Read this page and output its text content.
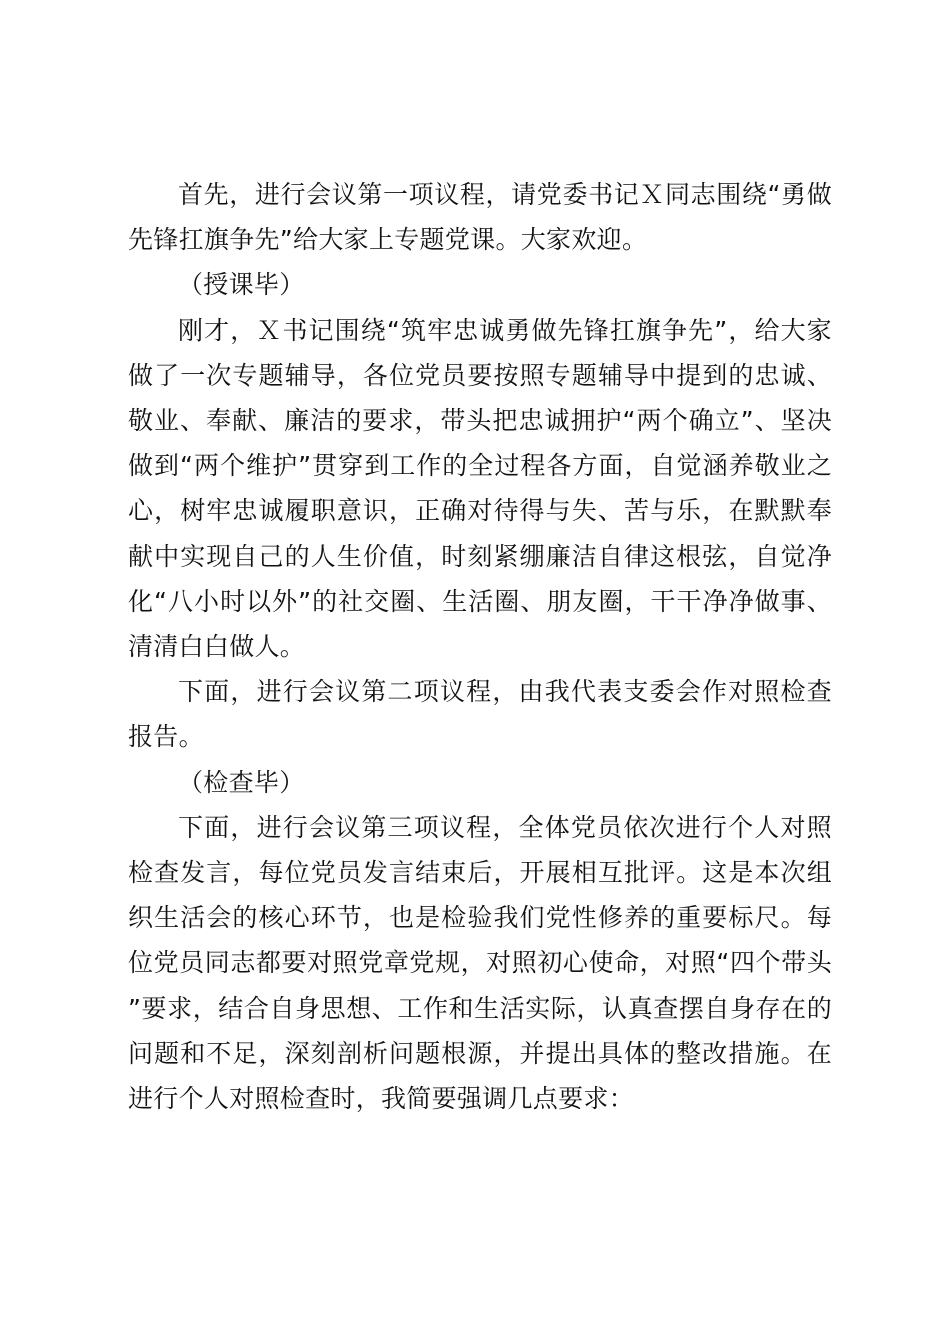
首先，进行会议第一项议程，请党委书记Ｘ同志围绕“勇做先锋扛旗争先”给大家上专题党课。大家欢迎。

（授课毕）

刚才，Ｘ书记围绕“筑牢忠诚勇做先锋扛旗争先”，给大家做了一次专题辅导，各位党员要按照专题辅导中提到的忠诚、敬业、奉献、廉洁的要求，带头把忠诚拥护“两个确立”、坚决做到“两个维护”贯穿到工作的全过程各方面，自觉涵养敬业之心，树牢忠诚履职意识，正确对待得与失、苦与乐，在默默奉献中实现自己的人生价值，时刻紧绷廉洁自律这根弦，自觉净化“八小时以外”的社交圈、生活圈、朋友圈，干干净净做事、清清白白做人。

下面，进行会议第二项议程，由我代表支委会作对照检查报告。

（检查毕）

下面，进行会议第三项议程，全体党员依次进行个人对照检查发言，每位党员发言结束后，开展相互批评。这是本次组织生活会的核心环节，也是检验我们党性修养的重要标尺。每位党员同志都要对照党章党规，对照初心使命，对照“四个带头”要求，结合自身思想、工作和生活实际，认真查摆自身存在的问题和不足，深刻剖析问题根源，并提出具体的整改措施。在进行个人对照检查时，我简要强调几点要求：
